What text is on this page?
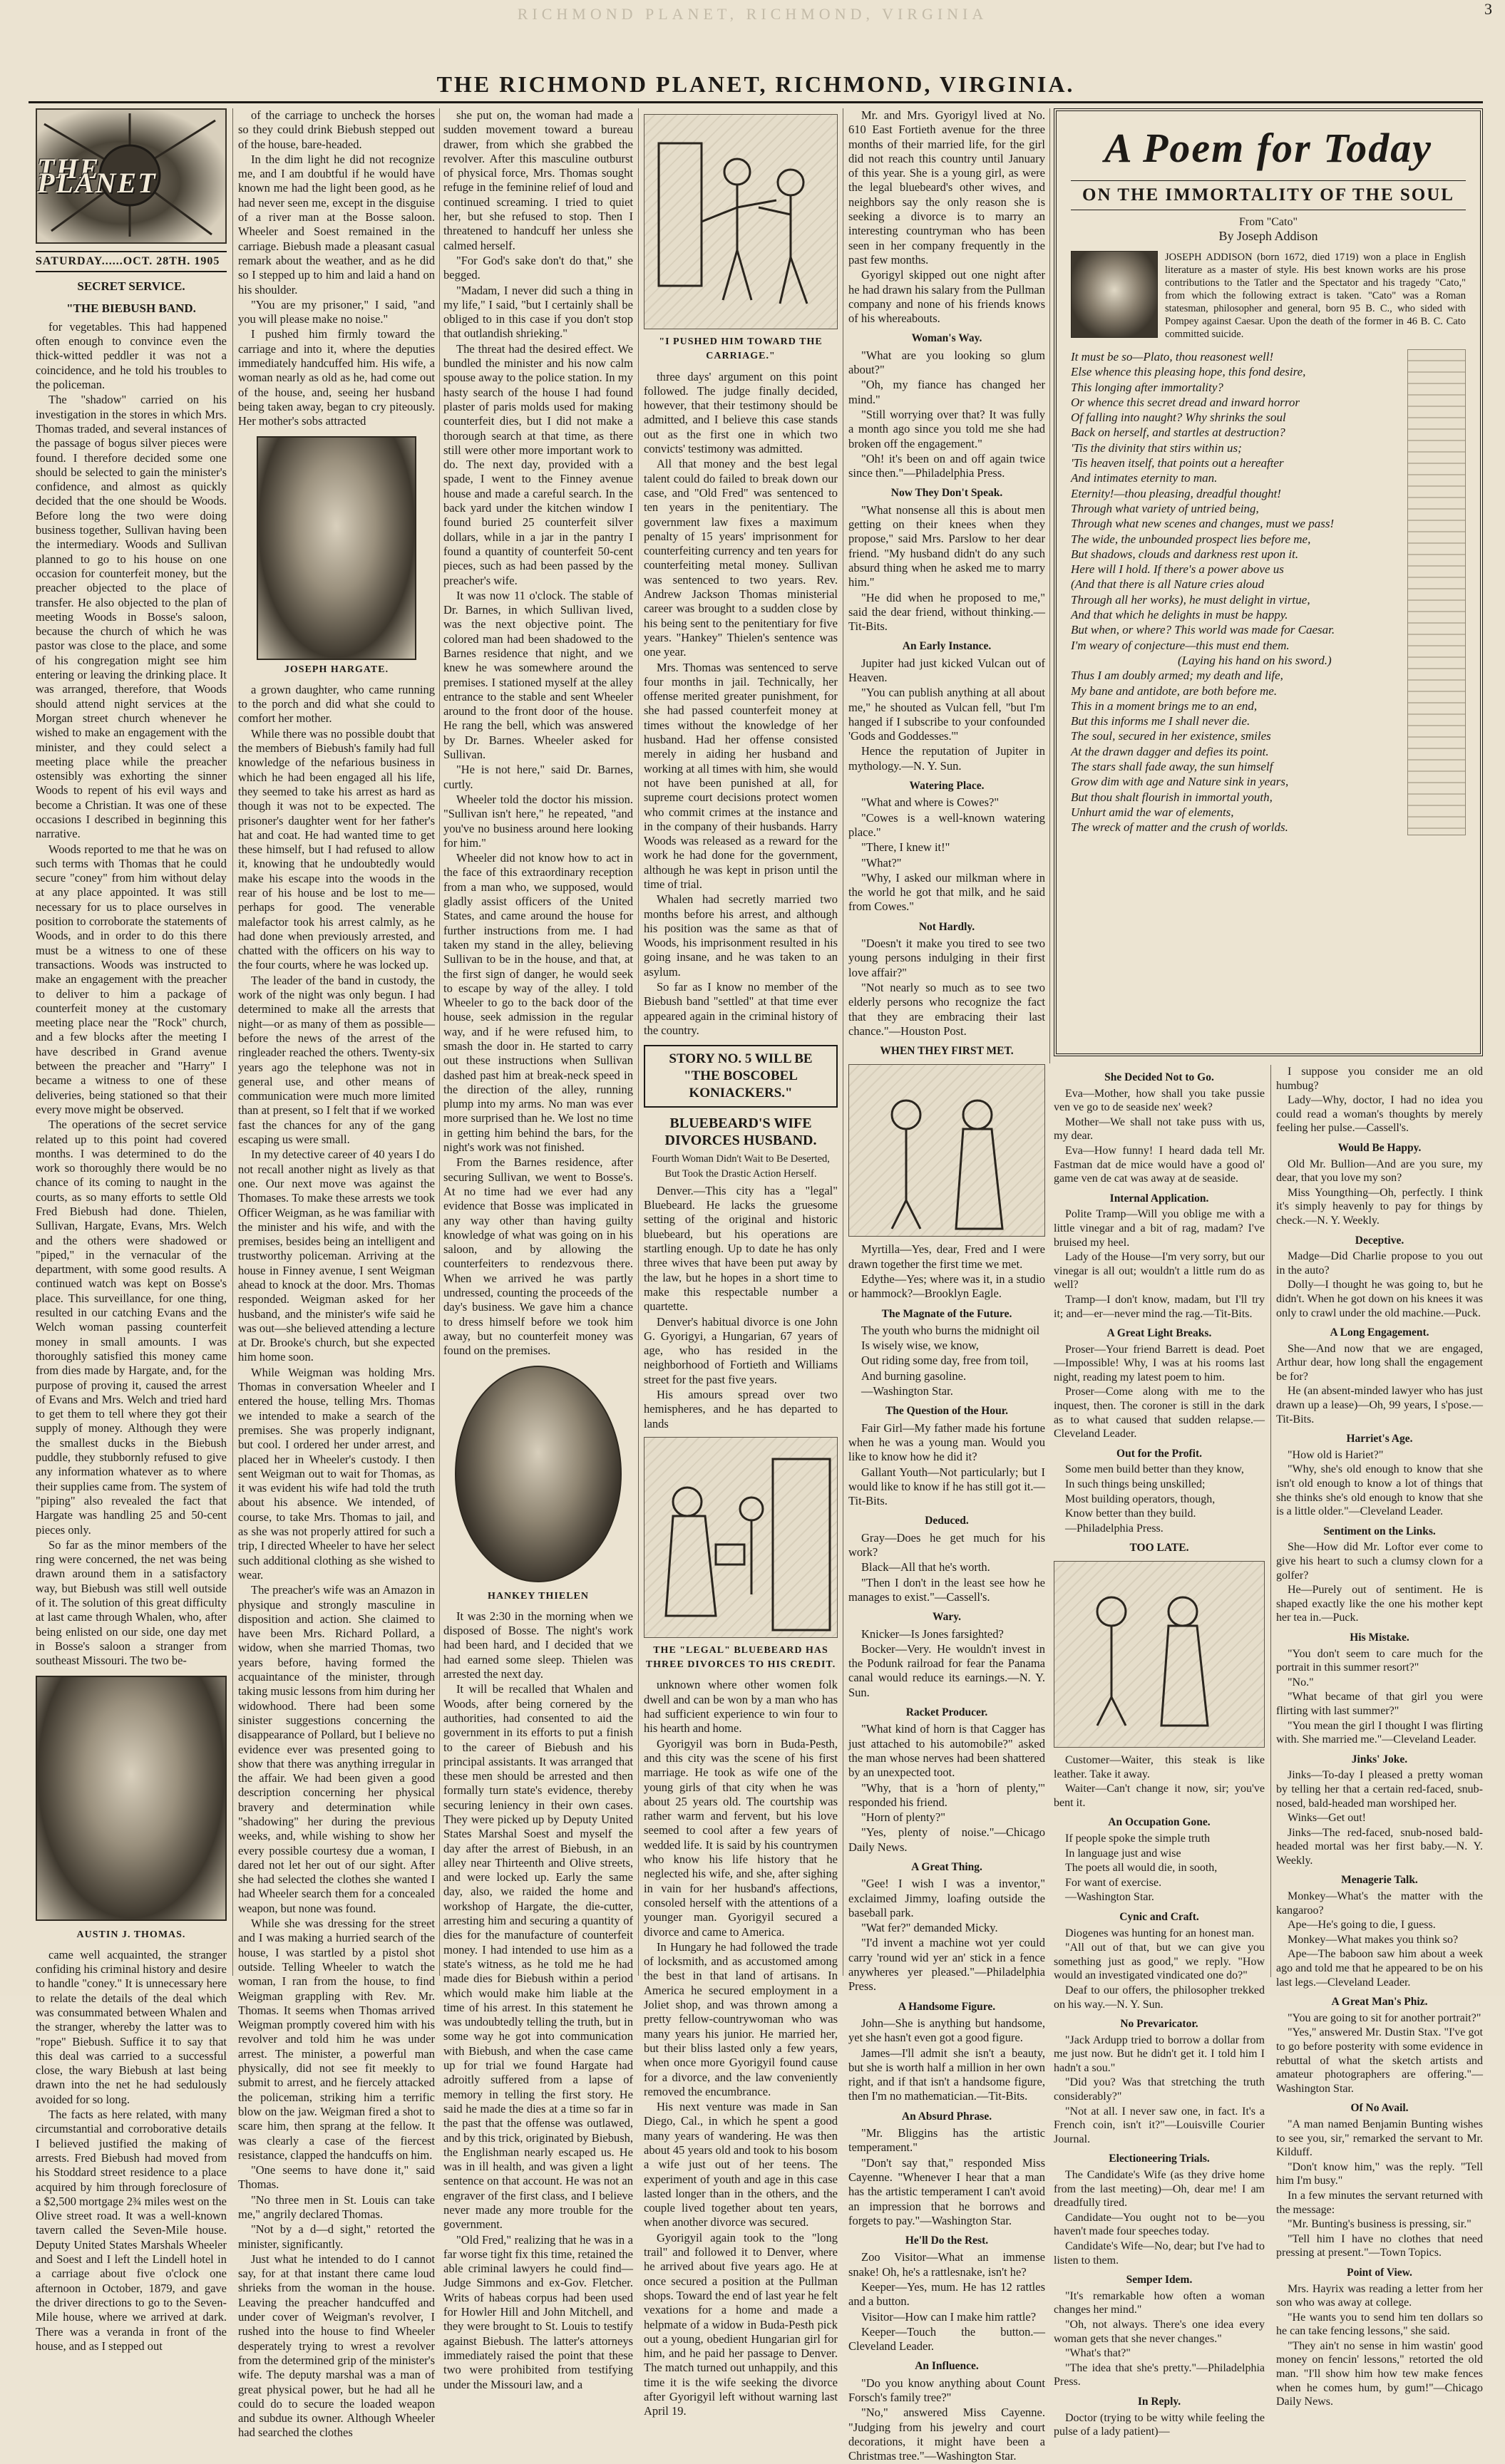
RICHMOND PLANET, RICHMOND, VIRGINIA
THE RICHMOND PLANET, RICHMOND, VIRGINIA.
3
THE PLANET
SATURDAY......OCT. 28TH. 1905
SECRET SERVICE.
"THE BIEBUSH BAND.

for vegetables. This had happened often enough to convince even the thick-witted peddler it was not a coincidence, and he told his troubles to the policeman.

The "shadow" carried on his investigation in the stores in which Mrs. Thomas traded, and several instances of the passage of bogus silver pieces were found. I therefore decided some one should be selected to gain the minister's confidence, and almost as quickly decided that the one should be Woods. Before long the two were doing business together, Sullivan having been the intermediary. Woods and Sullivan planned to go to his house on one occasion for counterfeit money, but the preacher objected to the place of transfer. He also objected to the plan of meeting Woods in Bosse's saloon, because the church of which he was pastor was close to the place, and some of his congregation might see him entering or leaving the drinking place. It was arranged, therefore, that Woods should attend night services at the Morgan street church whenever he wished to make an engagement with the minister, and they could select a meeting place while the preacher ostensibly was exhorting the sinner Woods to repent of his evil ways and become a Christian. It was one of these occasions I described in beginning this narrative.

Woods reported to me that he was on such terms with Thomas that he could secure "coney" from him without delay at any place appointed. It was still necessary for us to place ourselves in position to corroborate the statements of Woods, and in order to do this there must be a witness to one of these transactions. Woods was instructed to make an engagement with the preacher to deliver to him a package of counterfeit money at the customary meeting place near the "Rock" church, and a few blocks after the meeting I have described in Grand avenue between the preacher and "Harry" I became a witness to one of these deliveries, being stationed so that their every move might be observed.

The operations of the secret service related up to this point had covered months. I was determined to do the work so thoroughly there would be no chance of its coming to naught in the courts, as so many efforts to settle Old Fred Biebush had done. Thielen, Sullivan, Hargate, Evans, Mrs. Welch and the others were shadowed or "piped," in the vernacular of the department, with some good results. A continued watch was kept on Bosse's place. This surveillance, for one thing, resulted in our catching Evans and the Welch woman passing counterfeit money in small amounts. I was thoroughly satisfied this money came from dies made by Hargate, and, for the purpose of proving it, caused the arrest of Evans and Mrs. Welch and tried hard to get them to tell where they got their supply of money. Although they were the smallest ducks in the Biebush puddle, they stubbornly refused to give any information whatever as to where their supplies came from. The system of "piping" also revealed the fact that Hargate was handling 25 and 50-cent pieces only.

So far as the minor members of the ring were concerned, the net was being drawn around them in a satisfactory way, but Biebush was still well outside of it. The solution of this great difficulty at last came through Whalen, who, after being enlisted on our side, one day met in Bosse's saloon a stranger from southeast Missouri. The two be-

AUSTIN J. THOMAS.

came well acquainted, the stranger confiding his criminal history and desire to handle "coney." It is unnecessary here to relate the details of the deal which was consummated between Whalen and the stranger, whereby the latter was to "rope" Biebush. Suffice it to say that this deal was carried to a successful close, the wary Biebush at last being drawn into the net he had sedulously avoided for so long.

The facts as here related, with many circumstantial and corroborative details I believed justified the making of arrests. Fred Biebush had moved from his Stoddard street residence to a place acquired by him through foreclosure of a $2,500 mortgage 2¾ miles west on the Olive street road. It was a well-known tavern called the Seven-Mile house. Deputy United States Marshals Wheeler and Soest and I left the Lindell hotel in a carriage about five o'clock one afternoon in October, 1879, and gave the driver directions to go to the Seven-Mile house, where we arrived at dark. There was a veranda in front of the house, and as I stepped out

of the carriage to uncheck the horses so they could drink Biebush stepped out of the house, bare-headed.

In the dim light he did not recognize me, and I am doubtful if he would have known me had the light been good, as he had never seen me, except in the disguise of a river man at the Bosse saloon. Wheeler and Soest remained in the carriage. Biebush made a pleasant casual remark about the weather, and as he did so I stepped up to him and laid a hand on his shoulder.

"You are my prisoner," I said, "and you will please make no noise."

I pushed him firmly toward the carriage and into it, where the deputies immediately handcuffed him. His wife, a woman nearly as old as he, had come out of the house, and, seeing her husband being taken away, began to cry piteously. Her mother's sobs attracted

JOSEPH HARGATE.

a grown daughter, who came running to the porch and did what she could to comfort her mother.

While there was no possible doubt that the members of Biebush's family had full knowledge of the nefarious business in which he had been engaged all his life, they seemed to take his arrest as hard as though it was not to be expected. The prisoner's daughter went for her father's hat and coat. He had wanted time to get these himself, but I had refused to allow it, knowing that he undoubtedly would make his escape into the woods in the rear of his house and be lost to me—perhaps for good. The venerable malefactor took his arrest calmly, as he had done when previously arrested, and chatted with the officers on his way to the four courts, where he was locked up.

The leader of the band in custody, the work of the night was only begun. I had determined to make all the arrests that night—or as many of them as possible—before the news of the arrest of the ringleader reached the others. Twenty-six years ago the telephone was not in general use, and other means of communication were much more limited than at present, so I felt that if we worked fast the chances for any of the gang escaping us were small.

In my detective career of 40 years I do not recall another night as lively as that one. Our next move was against the Thomases. To make these arrests we took Officer Weigman, as he was familiar with the minister and his wife, and with the premises, besides being an intelligent and trustworthy policeman. Arriving at the house in Finney avenue, I sent Weigman ahead to knock at the door. Mrs. Thomas responded. Weigman asked for her husband, and the minister's wife said he was out—she believed attending a lecture at Dr. Brooke's church, but she expected him home soon.

While Weigman was holding Mrs. Thomas in conversation Wheeler and I entered the house, telling Mrs. Thomas we intended to make a search of the premises. She was properly indignant, but cool. I ordered her under arrest, and placed her in Wheeler's custody. I then sent Weigman out to wait for Thomas, as it was evident his wife had told the truth about his absence. We intended, of course, to take Mrs. Thomas to jail, and as she was not properly attired for such a trip, I directed Wheeler to have her select such additional clothing as she wished to wear.

The preacher's wife was an Amazon in physique and strongly masculine in disposition and action. She claimed to have been Mrs. Richard Pollard, a widow, when she married Thomas, two years before, having formed the acquaintance of the minister, through taking music lessons from him during her widowhood. There had been some sinister suggestions concerning the disappearance of Pollard, but I believe no evidence ever was presented going to show that there was anything irregular in the affair. We had been given a good description concerning her physical bravery and determination while "shadowing" her during the previous weeks, and, while wishing to show her every possible courtesy due a woman, I dared not let her out of our sight. After she had selected the clothes she wanted I had Wheeler search them for a concealed weapon, but none was found.

While she was dressing for the street and I was making a hurried search of the house, I was startled by a pistol shot outside. Telling Wheeler to watch the woman, I ran from the house, to find Weigman grappling with Rev. Mr. Thomas. It seems when Thomas arrived Weigman promptly covered him with his revolver and told him he was under arrest. The minister, a powerful man physically, did not see fit meekly to submit to arrest, and he fiercely attacked the policeman, striking him a terrific blow on the jaw. Weigman fired a shot to scare him, then sprang at the fellow. It was clearly a case of the fiercest resistance, clapped the handcuffs on him.

"One seems to have done it," said Thomas.

"No three men in St. Louis can take me," angrily declared Thomas.

"Not by a d—d sight," retorted the minister, significantly.

Just what he intended to do I cannot say, for at that instant there came loud shrieks from the woman in the house. Leaving the preacher handcuffed and under cover of Weigman's revolver, I rushed into the house to find Wheeler desperately trying to wrest a revolver from the determined grip of the minister's wife. The deputy marshal was a man of great physical power, but he had all he could do to secure the loaded weapon and subdue its owner. Although Wheeler had searched the clothes

she put on, the woman had made a sudden movement toward a bureau drawer, from which she grabbed the revolver. After this masculine outburst of physical force, Mrs. Thomas sought refuge in the feminine relief of loud and continued screaming. I tried to quiet her, but she refused to stop. Then I threatened to handcuff her unless she calmed herself.

"For God's sake don't do that," she begged.

"Madam, I never did such a thing in my life," I said, "but I certainly shall be obliged to in this case if you don't stop that outlandish shrieking."

The threat had the desired effect. We bundled the minister and his now calm spouse away to the police station. In my hasty search of the house I had found plaster of paris molds used for making counterfeit dies, but I did not make a thorough search at that time, as there still were other more important work to do. The next day, provided with a spade, I went to the Finney avenue house and made a careful search. In the back yard under the kitchen window I found buried 25 counterfeit silver dollars, while in a jar in the pantry I found a quantity of counterfeit 50-cent pieces, such as had been passed by the preacher's wife.

It was now 11 o'clock. The stable of Dr. Barnes, in which Sullivan lived, was the next objective point. The colored man had been shadowed to the Barnes residence that night, and we knew he was somewhere around the premises. I stationed myself at the alley entrance to the stable and sent Wheeler around to the front door of the house. He rang the bell, which was answered by Dr. Barnes. Wheeler asked for Sullivan.

"He is not here," said Dr. Barnes, curtly.

Wheeler told the doctor his mission. "Sullivan isn't here," he repeated, "and you've no business around here looking for him."

Wheeler did not know how to act in the face of this extraordinary reception from a man who, we supposed, would gladly assist officers of the United States, and came around the house for further instructions from me. I had taken my stand in the alley, believing Sullivan to be in the house, and that, at the first sign of danger, he would seek to escape by way of the alley. I told Wheeler to go to the back door of the house, seek admission in the regular way, and if he were refused him, to smash the door in. He started to carry out these instructions when Sullivan dashed past him at break-neck speed in the direction of the alley, running plump into my arms. No man was ever more surprised than he. We lost no time in getting him behind the bars, for the night's work was not finished.

From the Barnes residence, after securing Sullivan, we went to Bosse's. At no time had we ever had any evidence that Bosse was implicated in any way other than having guilty knowledge of what was going on in his saloon, and by allowing the counterfeiters to rendezvous there. When we arrived he was partly undressed, counting the proceeds of the day's business. We gave him a chance to dress himself before we took him away, but no counterfeit money was found on the premises.

HANKEY THIELEN

It was 2:30 in the morning when we disposed of Bosse. The night's work had been hard, and I decided that we had earned some sleep. Thielen was arrested the next day.

It will be recalled that Whalen and Woods, after being cornered by the authorities, had consented to aid the government in its efforts to put a finish to the career of Biebush and his principal assistants. It was arranged that these men should be arrested and then formally turn state's evidence, thereby securing leniency in their own cases. They were picked up by Deputy United States Marshal Soest and myself the day after the arrest of Biebush, in an alley near Thirteenth and Olive streets, and were locked up. Early the same day, also, we raided the home and workshop of Hargate, the die-cutter, arresting him and securing a quantity of dies for the manufacture of counterfeit money. I had intended to use him as a state's witness, as he told me he had made dies for Biebush within a period which would make him liable at the time of his arrest. In this statement he was undoubtedly telling the truth, but in some way he got into communication with Biebush, and when the case came up for trial we found Hargate had adroitly suffered from a lapse of memory in telling the first story. He said he made the dies at a time so far in the past that the offense was outlawed, and by this trick, originated by Biebush, the Englishman nearly escaped us. He was in ill health, and was given a light sentence on that account. He was not an engraver of the first class, and I believe never made any more trouble for the government.

"Old Fred," realizing that he was in a far worse tight fix this time, retained the able criminal lawyers he could find—Judge Simmons and ex-Gov. Fletcher. Writs of habeas corpus had been used for Howler Hill and John Mitchell, and they were brought to St. Louis to testify against Biebush. The latter's attorneys immediately raised the point that these two were prohibited from testifying under the Missouri law, and a

"I PUSHED HIM TOWARD THE CARRIAGE."

three days' argument on this point followed. The judge finally decided, however, that their testimony should be admitted, and I believe this case stands out as the first one in which two convicts' testimony was admitted.

All that money and the best legal talent could do failed to break down our case, and "Old Fred" was sentenced to ten years in the penitentiary. The government law fixes a maximum penalty of 15 years' imprisonment for counterfeiting currency and ten years for counterfeiting metal money. Sullivan was sentenced to two years. Rev. Andrew Jackson Thomas ministerial career was brought to a sudden close by his being sent to the penitentiary for five years. "Hankey" Thielen's sentence was one year.

Mrs. Thomas was sentenced to serve four months in jail. Technically, her offense merited greater punishment, for she had passed counterfeit money at times without the knowledge of her husband. Had her offense consisted merely in aiding her husband and working at all times with him, she would not have been punished at all, for supreme court decisions protect women who commit crimes at the instance and in the company of their husbands. Harry Woods was released as a reward for the work he had done for the government, although he was kept in prison until the time of trial.

Whalen had secretly married two months before his arrest, and although his position was the same as that of Woods, his imprisonment resulted in his going insane, and he was taken to an asylum.

So far as I know no member of the Biebush band "settled" at that time ever appeared again in the criminal history of the country.

STORY NO. 5 WILL BE "THE BOSCOBEL KONIACKERS."
BLUEBEARD'S WIFE DIVORCES HUSBAND.
Fourth Woman Didn't Wait to Be Deserted, But Took the Drastic Action Herself.

Denver.—This city has a "legal" Bluebeard. He lacks the gruesome setting of the original and historic bluebeard, but his operations are startling enough. Up to date he has only three wives that have been put away by the law, but he hopes in a short time to make this respectable number a quartette.

Denver's habitual divorce is one John G. Gyorigyi, a Hungarian, 67 years of age, who has resided in the neighborhood of Fortieth and Williams street for the past five years.

His amours spread over two hemispheres, and he has departed to lands

THE "LEGAL" BLUEBEARD HAS THREE DIVORCES TO HIS CREDIT.

unknown where other women folk dwell and can be won by a man who has had sufficient experience to win four to his hearth and home.

Gyorigyil was born in Buda-Pesth, and this city was the scene of his first marriage. He took as wife one of the young girls of that city when he was about 25 years old. The courtship was rather warm and fervent, but his love seemed to cool after a few years of wedded life. It is said by his countrymen who know his life history that he neglected his wife, and she, after sighing in vain for her husband's affections, consoled herself with the attentions of a younger man. Gyorigyil secured a divorce and came to America.

In Hungary he had followed the trade of locksmith, and as accustomed among the best in that land of artisans. In America he secured employment in a Joliet shop, and was thrown among a pretty fellow-countrywoman who was many years his junior. He married her, but their bliss lasted only a few years, when once more Gyorigyil found cause for a divorce, and the law conveniently removed the encumbrance.

His next venture was made in San Diego, Cal., in which he spent a good many years of wandering. He was then about 45 years old and took to his bosom a wife just out of her teens. The experiment of youth and age in this case lasted longer than in the others, and the couple lived together about ten years, when another divorce was secured.

Gyorigyil again took to the "long trail" and followed it to Denver, where he arrived about five years ago. He at once secured a position at the Pullman shops. Toward the end of last year he felt vexations for a home and made a helpmate of a widow in Buda-Pesth pick out a young, obedient Hungarian girl for him, and he paid her passage to Denver. The match turned out unhappily, and this time it is the wife seeking the divorce after Gyorigyil left without warning last April 19.

Mr. and Mrs. Gyorigyl lived at No. 610 East Fortieth avenue for the three months of their married life, for the girl did not reach this country until January of this year. She is a young girl, as were the legal bluebeard's other wives, and neighbors say the only reason she is seeking a divorce is to marry an interesting countryman who has been seen in her company frequently in the past few months.

Gyorigyl skipped out one night after he had drawn his salary from the Pullman company and none of his friends knows of his whereabouts.

Woman's Way.

"What are you looking so glum about?"

"Oh, my fiance has changed her mind."

"Still worrying over that? It was fully a month ago since you told me she had broken off the engagement."

"Oh! it's been on and off again twice since then."—Philadelphia Press.

Now They Don't Speak.

"What nonsense all this is about men getting on their knees when they propose," said Mrs. Parslow to her dear friend. "My husband didn't do any such absurd thing when he asked me to marry him."

"He did when he proposed to me," said the dear friend, without thinking.—Tit-Bits.

An Early Instance.

Jupiter had just kicked Vulcan out of Heaven.

"You can publish anything at all about me," he shouted as Vulcan fell, "but I'm hanged if I subscribe to your confounded 'Gods and Goddesses.'"

Hence the reputation of Jupiter in mythology.—N. Y. Sun.

Watering Place.

"What and where is Cowes?"

"Cowes is a well-known watering place."

"There, I knew it!"

"What?"

"Why, I asked our milkman where in the world he got that milk, and he said from Cowes."

Not Hardly.

"Doesn't it make you tired to see two young persons indulging in their first love affair?"

"Not nearly so much as to see two elderly persons who recognize the fact that they are embracing their last chance."—Houston Post.

WHEN THEY FIRST MET.

Myrtilla—Yes, dear, Fred and I were drawn together the first time we met.

Edythe—Yes; where was it, in a studio or hammock?—Brooklyn Eagle.

The Magnate of the Future.

The youth who burns the midnight oil

Is wisely wise, we know,

Out riding some day, free from toil,

And burning gasoline.

—Washington Star.

The Question of the Hour.

Fair Girl—My father made his fortune when he was a young man. Would you like to know how he did it?

Gallant Youth—Not particularly; but I would like to know if he has still got it.—Tit-Bits.

Deduced.

Gray—Does he get much for his work?

Black—All that he's worth.

"Then I don't in the least see how he manages to exist."—Cassell's.

Wary.

Knicker—Is Jones farsighted?

Bocker—Very. He wouldn't invest in the Podunk railroad for fear the Panama canal would reduce its earnings.—N. Y. Sun.

Racket Producer.

"What kind of horn is that Cagger has just attached to his automobile?" asked the man whose nerves had been shattered by an unexpected toot.

"Why, that is a 'horn of plenty,'" responded his friend.

"Horn of plenty?"

"Yes, plenty of noise."—Chicago Daily News.

A Great Thing.

"Gee! I wish I was a inventor," exclaimed Jimmy, loafing outside the baseball park.

"Wat fer?" demanded Micky.

"I'd invent a machine wot yer could carry 'round wid yer an' stick in a fence anywheres yer pleased."—Philadelphia Press.

A Handsome Figure.

John—She is anything but handsome, yet she hasn't even got a good figure.

James—I'll admit she isn't a beauty, but she is worth half a million in her own right, and if that isn't a handsome figure, then I'm no mathematician.—Tit-Bits.

An Absurd Phrase.

"Mr. Bliggins has the artistic temperament."

"Don't say that," responded Miss Cayenne. "Whenever I hear that a man has the artistic temperament I can't avoid an impression that he borrows and forgets to pay."—Washington Star.

He'll Do the Rest.

Zoo Visitor—What an immense snake! Oh, he's a rattlesnake, isn't he?

Keeper—Yes, mum. He has 12 rattles and a button.

Visitor—How can I make him rattle?

Keeper—Touch the button.—Cleveland Leader.

An Influence.

"Do you know anything about Count Forsch's family tree?"

"No," answered Miss Cayenne. "Judging from his jewelry and court decorations, it might have been a Christmas tree."—Washington Star.

A Poem for Today
ON THE IMMORTALITY OF THE SOUL
From "Cato"
By Joseph Addison
JOSEPH ADDISON (born 1672, died 1719) won a place in English literature as a master of style. His best known works are his prose contributions to the Tatler and the Spectator and his tragedy "Cato," from which the following extract is taken. "Cato" was a Roman statesman, philosopher and general, born 95 B. C., who sided with Pompey against Caesar. Upon the death of the former in 46 B. C. Cato committed suicide.
It must be so—Plato, thou reasonest well!
Else whence this pleasing hope, this fond desire,
This longing after immortality?
Or whence this secret dread and inward horror
Of falling into naught? Why shrinks the soul
Back on herself, and startles at destruction?
'Tis the divinity that stirs within us;
'Tis heaven itself, that points out a hereafter
And intimates eternity to man.
Eternity!—thou pleasing, dreadful thought!
Through what variety of untried being,
Through what new scenes and changes, must we pass!
The wide, the unbounded prospect lies before me,
But shadows, clouds and darkness rest upon it.
Here will I hold. If there's a power above us
(And that there is all Nature cries aloud
Through all her works), he must delight in virtue,
And that which he delights in must be happy.
But when, or where? This world was made for Caesar.
I'm weary of conjecture—this must end them.
(Laying his hand on his sword.)
Thus I am doubly armed; my death and life,
My bane and antidote, are both before me.
This in a moment brings me to an end,
But this informs me I shall never die.
The soul, secured in her existence, smiles
At the drawn dagger and defies its point.
The stars shall fade away, the sun himself
Grow dim with age and Nature sink in years,
But thou shalt flourish in immortal youth,
Unhurt amid the war of elements,
The wreck of matter and the crush of worlds.
She Decided Not to Go.

Eva—Mother, how shall you take pussie ven ve go to de seaside nex' week?

Mother—We shall not take puss with us, my dear.

Eva—How funny! I heard dada tell Mr. Fastman dat de mice would have a good ol' game ven de cat was away at de seaside.

Internal Application.

Polite Tramp—Will you oblige me with a little vinegar and a bit of rag, madam? I've bruised my heel.

Lady of the House—I'm very sorry, but our vinegar is all out; wouldn't a little rum do as well?

Tramp—I don't know, madam, but I'll try it; and—er—never mind the rag.—Tit-Bits.

A Great Light Breaks.

Proser—Your friend Barrett is dead. Poet—Impossible! Why, I was at his rooms last night, reading my latest poem to him.

Proser—Come along with me to the inquest, then. The coroner is still in the dark as to what caused that sudden relapse.—Cleveland Leader.

Out for the Profit.

Some men build better than they know,

In such things being unskilled;

Most building operators, though,

Know better than they build.

—Philadelphia Press.

TOO LATE.

Customer—Waiter, this steak is like leather. Take it away.

Waiter—Can't change it now, sir; you've bent it.

An Occupation Gone.

If people spoke the simple truth

In language just and wise

The poets all would die, in sooth,

For want of exercise.

—Washington Star.

Cynic and Craft.

Diogenes was hunting for an honest man.

"All out of that, but we can give you something just as good," we reply. "How would an investigated vindicated one do?"

Deaf to our offers, the philosopher trekked on his way.—N. Y. Sun.

No Prevaricator.

"Jack Ardupp tried to borrow a dollar from me just now. But he didn't get it. I told him I hadn't a sou."

"Did you? Was that stretching the truth considerably?"

"Not at all. I never saw one, in fact. It's a French coin, isn't it?"—Louisville Courier Journal.

Electioneering Trials.

The Candidate's Wife (as they drive home from the last meeting)—Oh, dear me! I am dreadfully tired.

Candidate—You ought not to be—you haven't made four speeches today.

Candidate's Wife—No, dear; but I've had to listen to them.

Semper Idem.

"It's remarkable how often a woman changes her mind."

"Oh, not always. There's one idea every woman gets that she never changes."

"What's that?"

"The idea that she's pretty."—Philadelphia Press.

In Reply.

Doctor (trying to be witty while feeling the pulse of a lady patient)—

I suppose you consider me an old humbug?

Lady—Why, doctor, I had no idea you could read a woman's thoughts by merely feeling her pulse.—Cassell's.

Would Be Happy.

Old Mr. Bullion—And are you sure, my dear, that you love my son?

Miss Youngthing—Oh, perfectly. I think it's simply heavenly to pay for things by check.—N. Y. Weekly.

Deceptive.

Madge—Did Charlie propose to you out in the auto?

Dolly—I thought he was going to, but he didn't. When he got down on his knees it was only to crawl under the old machine.—Puck.

A Long Engagement.

She—And now that we are engaged, Arthur dear, how long shall the engagement be for?

He (an absent-minded lawyer who has just drawn up a lease)—Oh, 99 years, I s'pose.—Tit-Bits.

Harriet's Age.

"How old is Hariet?"

"Why, she's old enough to know that she isn't old enough to know a lot of things that she thinks she's old enough to know that she is a little older."—Cleveland Leader.

Sentiment on the Links.

She—How did Mr. Loftor ever come to give his heart to such a clumsy clown for a golfer?

He—Purely out of sentiment. He is shaped exactly like the one his mother kept her tea in.—Puck.

His Mistake.

"You don't seem to care much for the portrait in this summer resort?"

"No."

"What became of that girl you were flirting with last summer?"

"You mean the girl I thought I was flirting with. She married me."—Cleveland Leader.

Jinks' Joke.

Jinks—To-day I pleased a pretty woman by telling her that a certain red-faced, snub-nosed, bald-headed man worshiped her.

Winks—Get out!

Jinks—The red-faced, snub-nosed bald-headed mortal was her first baby.—N. Y. Weekly.

Menagerie Talk.

Monkey—What's the matter with the kangaroo?

Ape—He's going to die, I guess.

Monkey—What makes you think so?

Ape—The baboon saw him about a week ago and told me that he appeared to be on his last legs.—Cleveland Leader.

A Great Man's Phiz.

"You are going to sit for another portrait?"

"Yes," answered Mr. Dustin Stax. "I've got to go before posterity with some evidence in rebuttal of what the sketch artists and amateur photographers are offering."—Washington Star.

Of No Avail.

"A man named Benjamin Bunting wishes to see you, sir," remarked the servant to Mr. Kilduff.

"Don't know him," was the reply. "Tell him I'm busy."

In a few minutes the servant returned with the message:

"Mr. Bunting's business is pressing, sir."

"Tell him I have no clothes that need pressing at present."—Town Topics.

Point of View.

Mrs. Hayrix was reading a letter from her son who was away at college.

"He wants you to send him ten dollars so he can take fencing lessons," she said.

"They ain't no sense in him wastin' good money on fencin' lessons," retorted the old man. "I'll show him how tew make fences when he comes hum, by gum!"—Chicago Daily News.
